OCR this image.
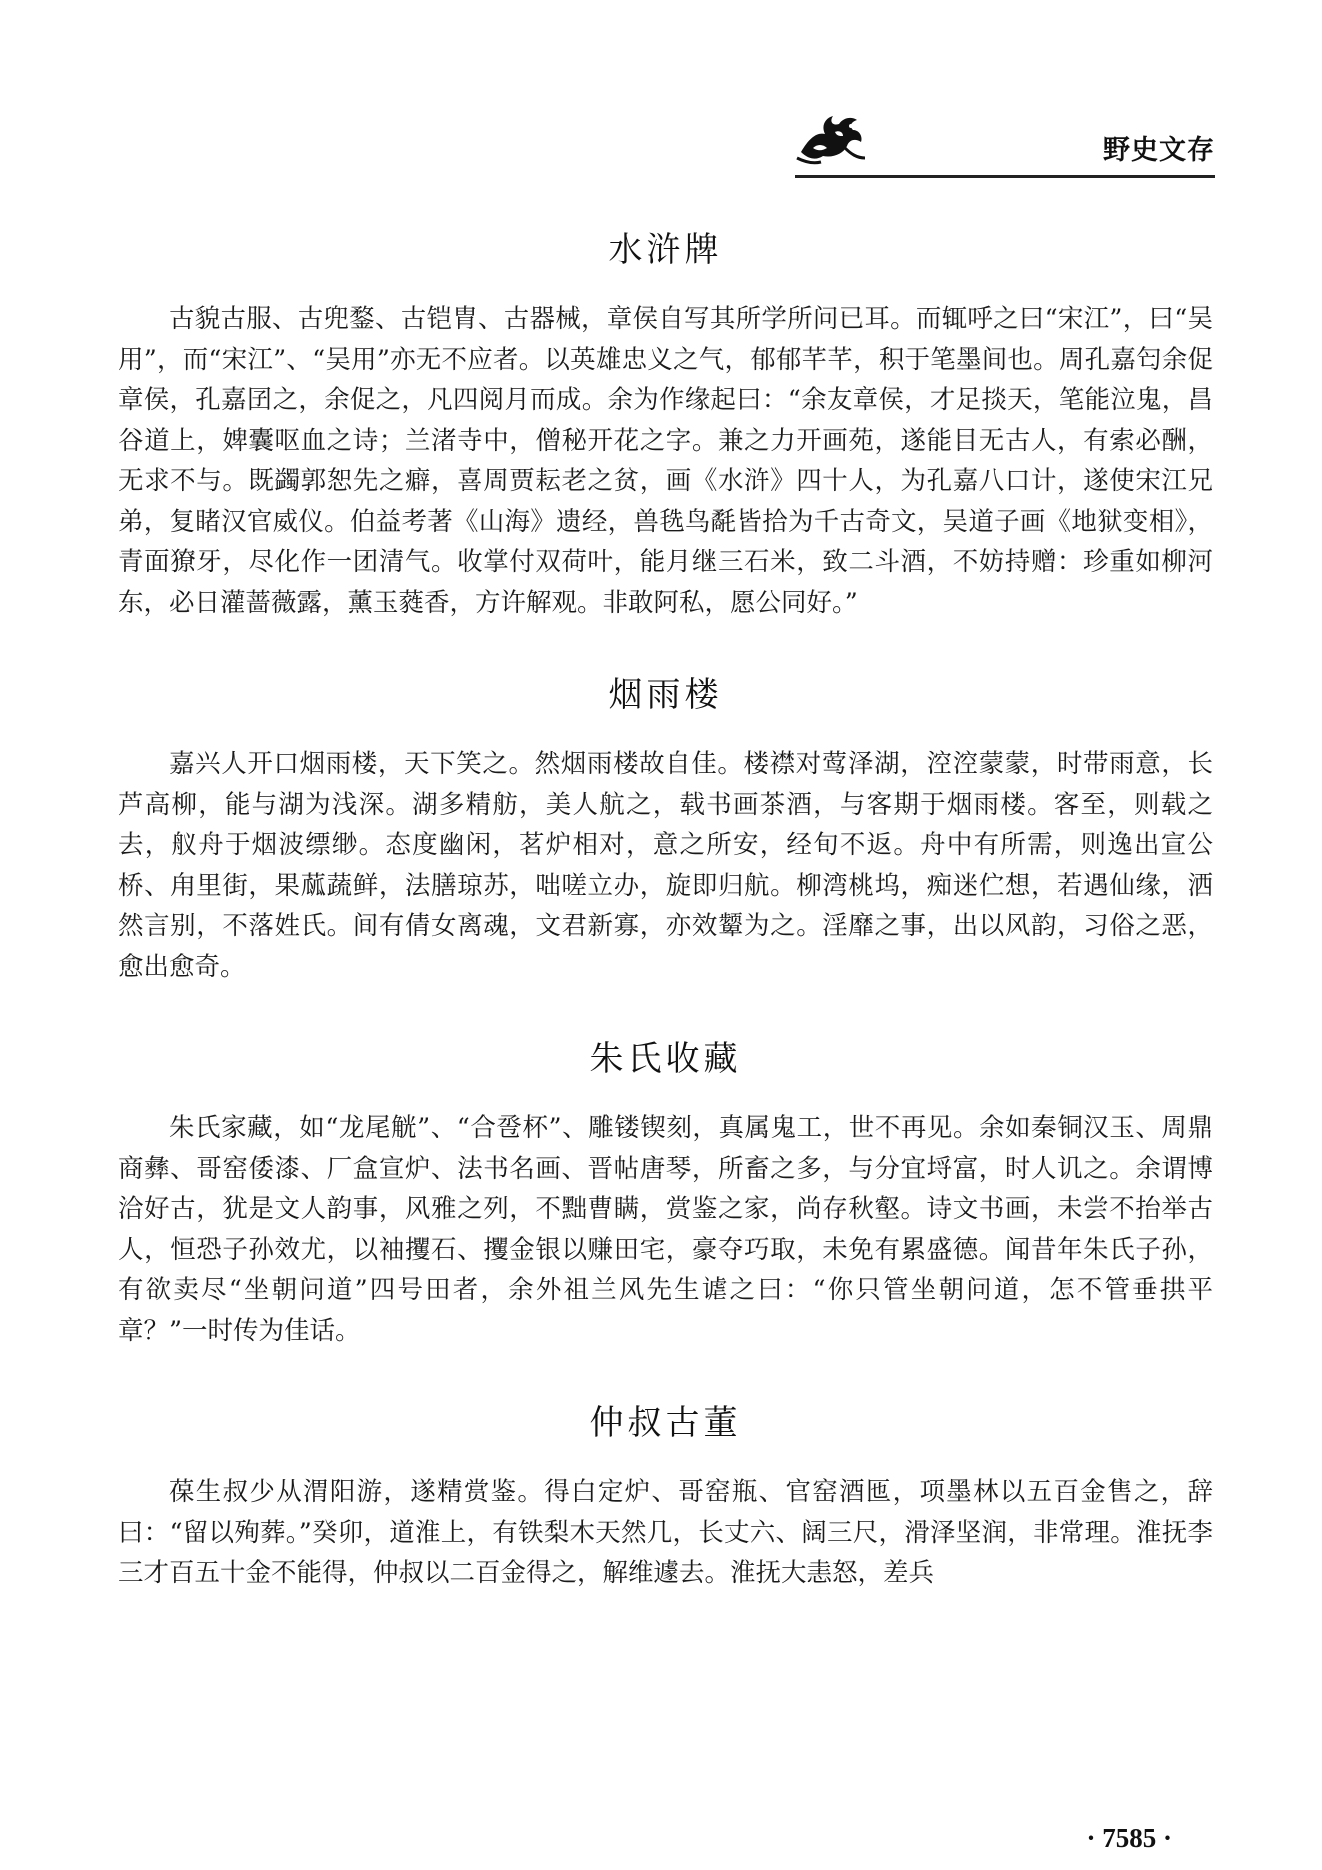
野史文存
水浒牌
古貌古服、古兜鍪、古铠胄、古器械，章侯自写其所学所问已耳。而辄呼之曰“宋江”，曰“吴用”，而“宋江”、“吴用”亦无不应者。以英雄忠义之气，郁郁芊芊，积于笔墨间也。周孔嘉匄余促章侯，孔嘉囝之，余促之，凡四阅月而成。余为作缘起曰：“余友章侯，才足掞天，笔能泣鬼，昌谷道上，婢囊呕血之诗；兰渚寺中，僧秘开花之字。兼之力开画苑，遂能目无古人，有索必酬，无求不与。既蠲郭恕先之癖，喜周贾耘老之贫，画《水浒》四十人，为孔嘉八口计，遂使宋江兄弟，复睹汉官威仪。伯益考著《山海》遗经，兽毨鸟氄皆拾为千古奇文，吴道子画《地狱变相》，青面獠牙，尽化作一团清气。收掌付双荷叶，能月继三石米，致二斗酒，不妨持赠：珍重如柳河东，必日灌蔷薇露，薰玉蕤香，方许解观。非敢阿私，愿公同好。”
烟雨楼
嘉兴人开口烟雨楼，天下笑之。然烟雨楼故自佳。楼襟对莺泽湖，涳涳蒙蒙，时带雨意，长芦高柳，能与湖为浅深。湖多精舫，美人航之，载书画茶酒，与客期于烟雨楼。客至，则载之去，舣舟于烟波缥缈。态度幽闲，茗炉相对，意之所安，经旬不返。舟中有所需，则逸出宣公桥、甪里街，果蓏蔬鲜，法膳琼苏，咄嗟立办，旋即归航。柳湾桃坞，痴迷伫想，若遇仙缘，洒然言别，不落姓氏。间有倩女离魂，文君新寡，亦效颦为之。淫靡之事，出以风韵，习俗之恶，愈出愈奇。
朱氏收藏
朱氏家藏，如“龙尾觥”、“合卺杯”、雕镂锲刻，真属鬼工，世不再见。余如秦铜汉玉、周鼎商彝、哥窑倭漆、厂盒宣炉、法书名画、晋帖唐琴，所畜之多，与分宜埒富，时人讥之。余谓博洽好古，犹是文人韵事，风雅之列，不黜曹瞒，赏鉴之家，尚存秋壑。诗文书画，未尝不抬举古人，恒恐子孙效尤，以袖攫石、攫金银以赚田宅，豪夺巧取，未免有累盛德。闻昔年朱氏子孙，有欲卖尽“坐朝问道”四号田者，余外祖兰风先生谑之曰：“你只管坐朝问道，怎不管垂拱平章？”一时传为佳话。
仲叔古董
葆生叔少从渭阳游，遂精赏鉴。得白定炉、哥窑瓶、官窑酒匜，项墨林以五百金售之，辞曰：“留以殉葬。”癸卯，道淮上，有铁梨木天然几，长丈六、阔三尺，滑泽坚润，非常理。淮抚李三才百五十金不能得，仲叔以二百金得之，解维遽去。淮抚大恚怒，差兵
· 7585 ·
